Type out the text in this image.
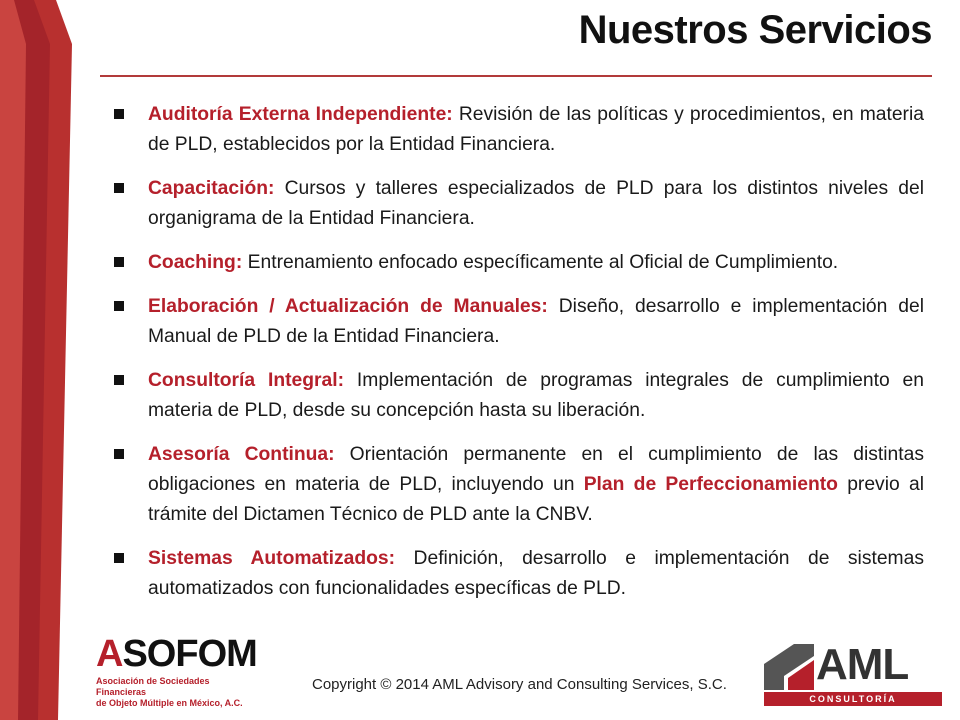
Nuestros Servicios
Auditoría Externa Independiente: Revisión de las políticas y procedimientos, en materia de PLD, establecidos por la Entidad Financiera.
Capacitación: Cursos y talleres especializados de PLD para los distintos niveles del organigrama de la Entidad Financiera.
Coaching: Entrenamiento enfocado específicamente al Oficial de Cumplimiento.
Elaboración / Actualización de Manuales: Diseño, desarrollo e implementación del Manual de PLD de la Entidad Financiera.
Consultoría Integral: Implementación de programas integrales de cumplimiento en materia de PLD, desde su concepción hasta su liberación.
Asesoría Continua: Orientación permanente en el cumplimiento de las distintas obligaciones en materia de PLD, incluyendo un Plan de Perfeccionamiento previo al trámite del Dictamen Técnico de PLD ante la CNBV.
Sistemas Automatizados: Definición, desarrollo e implementación de sistemas automatizados con funcionalidades específicas de PLD.
ASOFOM
Asociación de Sociedades Financieras
de Objeto Múltiple en México, A.C.
Copyright © 2014 AML Advisory and Consulting Services, S.C. AML
CONSULTORÍA ESPECIALIZADA
